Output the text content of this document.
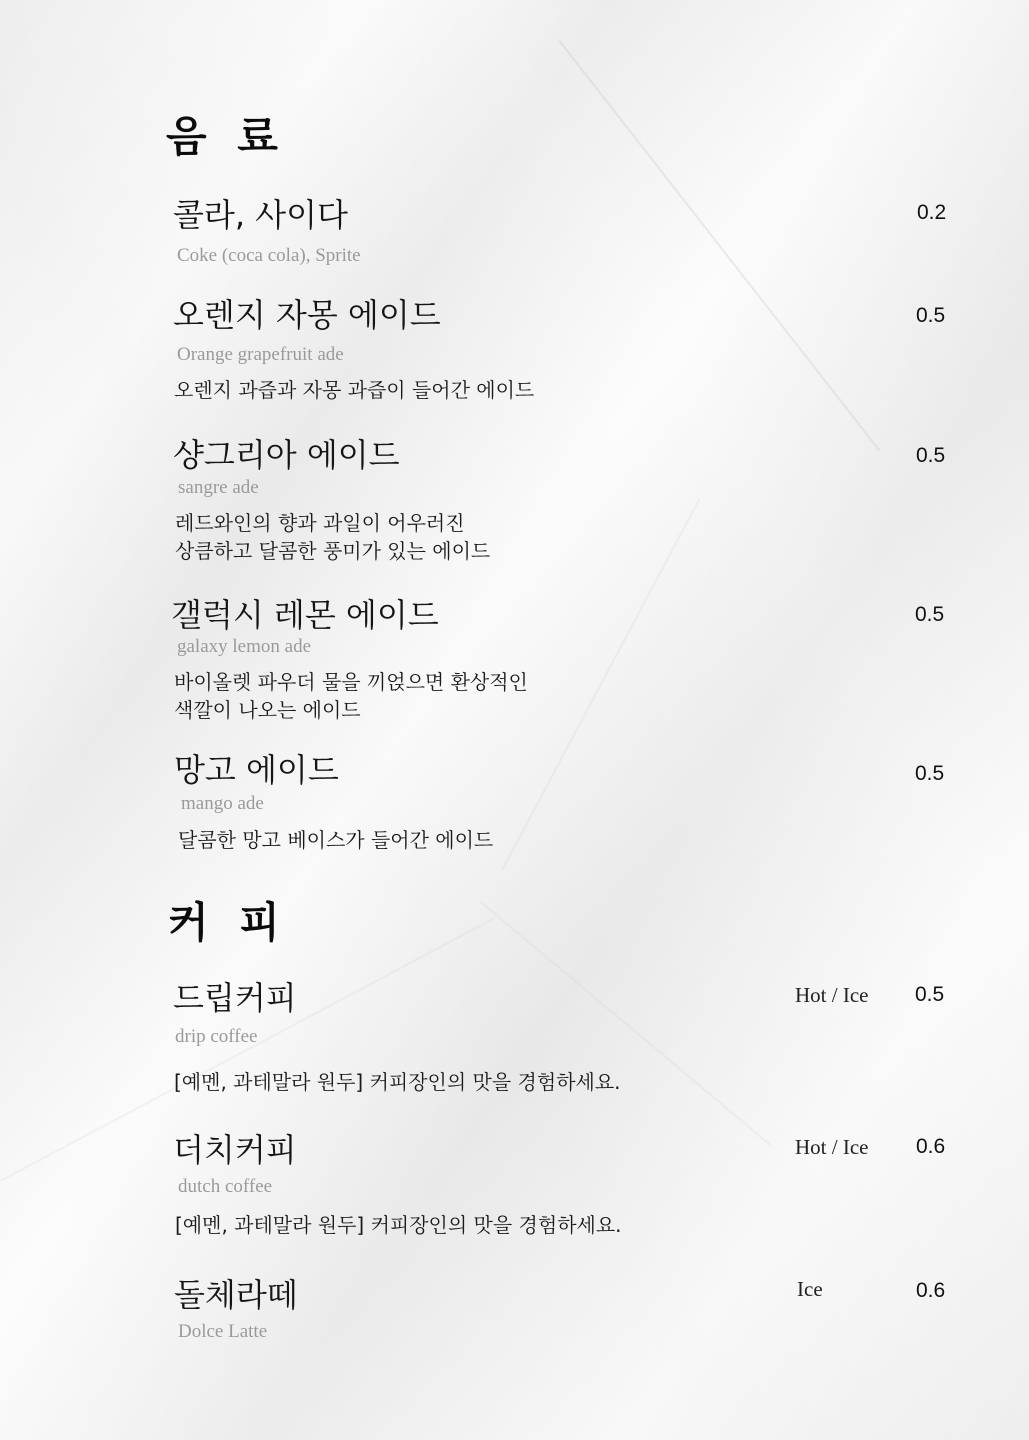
음 료
콜라, 사이다
Coke (coca cola), Sprite
0.2
오렌지 자몽 에이드
Orange grapefruit ade
오렌지 과즙과 자몽 과즙이 들어간 에이드
0.5
샹그리아 에이드
sangre ade
레드와인의 향과 과일이 어우러진
상큼하고 달콤한 풍미가 있는 에이드
0.5
갤럭시 레몬 에이드
galaxy lemon ade
바이올렛 파우더 물을 끼얹으면 환상적인
색깔이 나오는 에이드
0.5
망고 에이드
mango ade
달콤한 망고 베이스가 들어간 에이드
0.5
커 피
드립커피
drip coffee
[예멘, 과테말라 원두] 커피장인의 맛을 경험하세요.
Hot / Ice 0.5
더치커피
dutch coffee
[예멘, 과테말라 원두] 커피장인의 맛을 경험하세요.
Hot / Ice 0.6
돌체라떼
Dolce Latte
Ice	0.6
